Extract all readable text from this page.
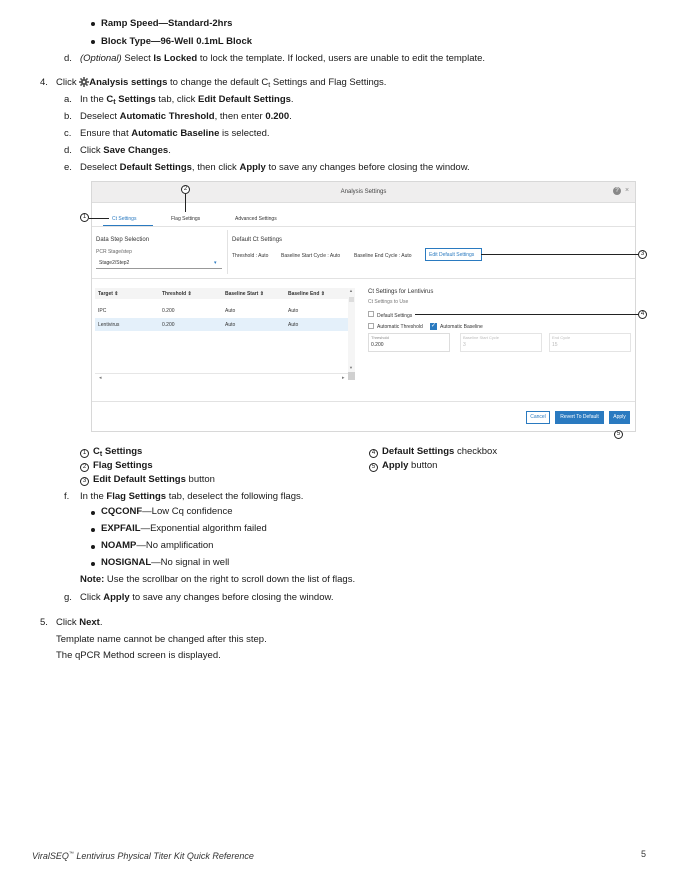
Ramp Speed—Standard-2hrs
Block Type—96-Well 0.1mL Block
d. (Optional) Select Is Locked to lock the template. If locked, users are unable to edit the template.
4. Click Analysis settings to change the default $C_t$ Settings and Flag Settings.
a. In the $C_t$ Settings tab, click Edit Default Settings.
b. Deselect Automatic Threshold, then enter 0.200.
c. Ensure that Automatic Baseline is selected.
d. Click Save Changes.
e. Deselect Default Settings, then click Apply to save any changes before closing the window.
Analysis Settings	? ×
Ct Settings	Flag Settings	Advanced Settings
Data Step Selection
PCR Stage/step
Stage2/Step2	▾
Default Ct Settings
Threshold : Auto	Baseline Start Cycle : Auto	Baseline End Cycle : Auto	Edit Default Settings
Target ⇕	Threshold ⇕	Baseline Start ⇕	Baseline End ⇕
IPC	0.200	Auto	Auto
Lentivirus	0.200	Auto	Auto
▲
▼
◂	▸
Ct Settings for Lentivirus
Ct Settings to Use
Default Settings
Automatic Threshold ✓ Automatic Baseline
Threshold
0.200
Baseline Start Cycle
3
End Cycle
15
Cancel	Revert To Default	Apply
1
2
3
4
5
1 $C_t$ Settings
2 Flag Settings
3 Edit Default Settings button
4 Default Settings checkbox
5 Apply button
f. In the Flag Settings tab, deselect the following flags.
CQCONF—Low Cq confidence
EXPFAIL—Exponential algorithm failed
NOAMP—No amplification
NOSIGNAL—No signal in well
Note: Use the scrollbar on the right to scroll down the list of flags.
g. Click Apply to save any changes before closing the window.
5. Click Next.
Template name cannot be changed after this step.
The qPCR Method screen is displayed.
ViralSEQ™ Lentivirus Physical Titer Kit Quick Reference	5
